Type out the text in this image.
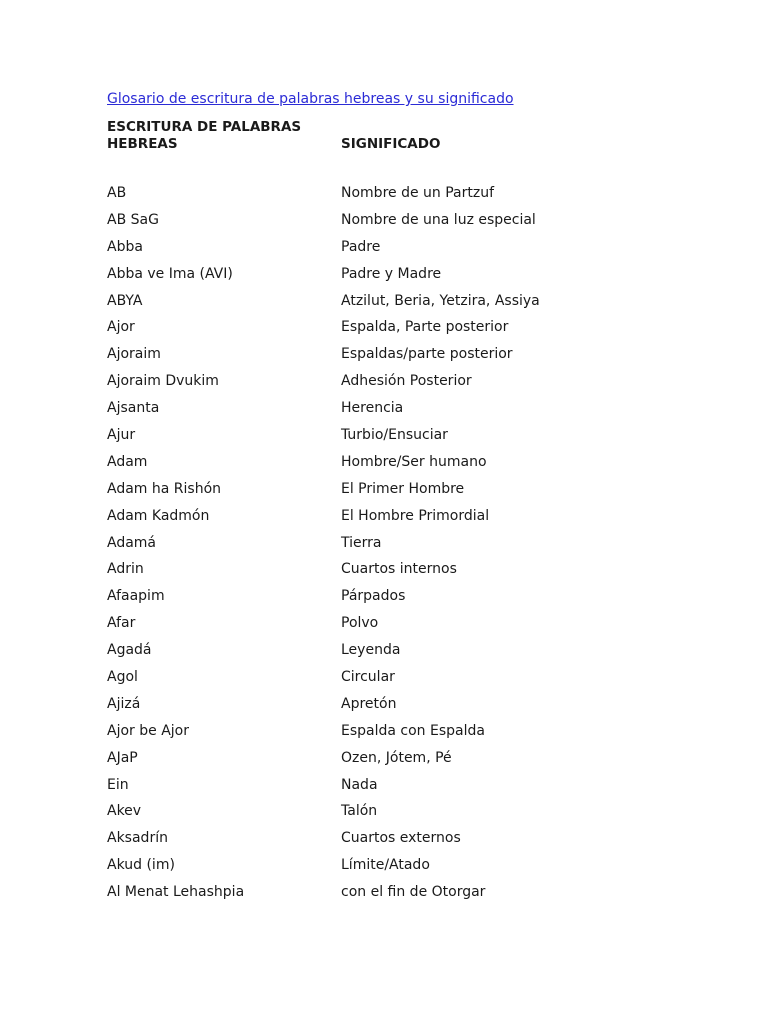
Glosario de escritura de palabras hebreas y su significado
ESCRITURA DE PALABRAS
HEBREAS	SIGNIFICADO
AB	Nombre de un Partzuf
AB SaG	Nombre de una luz especial
Abba	Padre
Abba ve Ima (AVI)	Padre y Madre
ABYA	Atzilut, Beria, Yetzira, Assiya
Ajor	Espalda, Parte posterior
Ajoraim	Espaldas/parte posterior
Ajoraim Dvukim	Adhesión Posterior
Ajsanta	Herencia
Ajur	Turbio/Ensuciar
Adam	Hombre/Ser humano
Adam ha Rishón	El Primer Hombre
Adam Kadmón	El Hombre Primordial
Adamá	Tierra
Adrin	Cuartos internos
Afaapim	Párpados
Afar	Polvo
Agadá	Leyenda
Agol	Circular
Ajizá	Apretón
Ajor be Ajor	Espalda con Espalda
AJaP	Ozen, Jótem, Pé
Ein	Nada
Akev	Talón
Aksadrín	Cuartos externos
Akud (im)	Límite/Atado
Al Menat Lehashpia	con el fin de Otorgar
